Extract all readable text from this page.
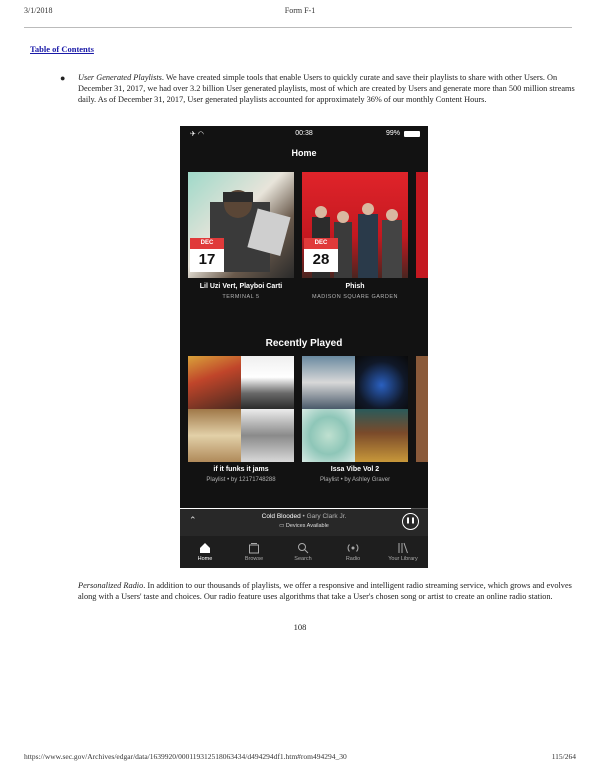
3/1/2018	Form F-1
Table of Contents
● User Generated Playlists. We have created simple tools that enable Users to quickly curate and save their playlists to share with other Users. On December 31, 2017, we had over 3.2 billion User generated playlists, most of which are created by Users and generate more than 500 million streams daily. As of December 31, 2017, User generated playlists accounted for approximately 36% of our monthly Content Hours.

✈ ◠	00:38	99%
Home
DEC
17
DEC
28
Lil Uzi Vert, Playboi Carti
TERMINAL 5
Phish
MADISON SQUARE GARDEN
Recently Played
if it funks it jams
Playlist • by 12171748288
Issa Vibe Vol 2
Playlist • by Ashley Graver
⌃	Cold Blooded • Gary Clark Jr.
▭ Devices Available
❚❚
Home	Browse	Search	Radio	Your Library

Personalized Radio. In addition to our thousands of playlists, we offer a responsive and intelligent radio streaming service, which grows and evolves along with a Users' taste and choices. Our radio feature uses algorithms that take a User's chosen song or artist to create an online radio station.

108
https://www.sec.gov/Archives/edgar/data/1639920/000119312518063434/d494294df1.htm#rom494294_30	115/264
